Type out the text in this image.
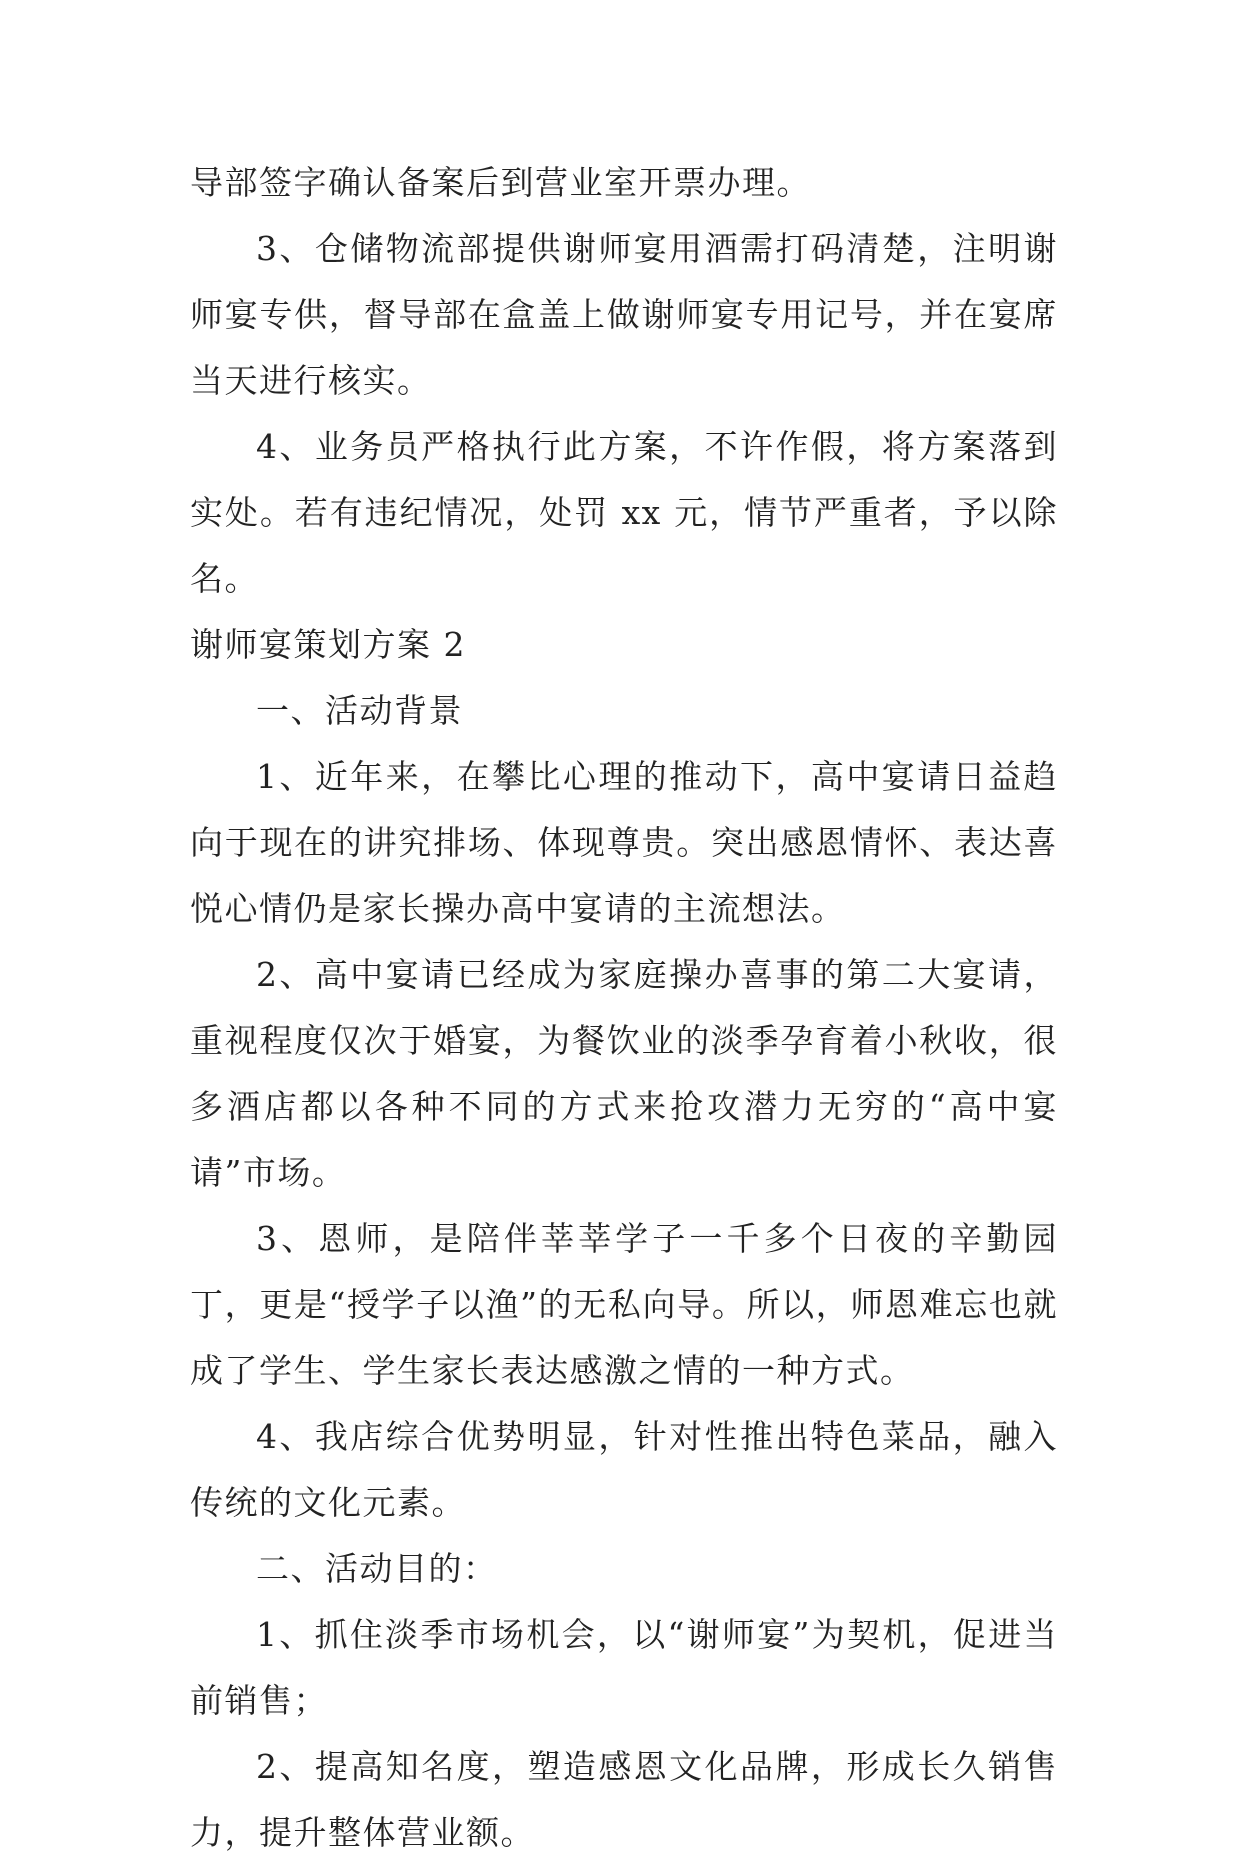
导部签字确认备案后到营业室开票办理。

3、仓储物流部提供谢师宴用酒需打码清楚，注明谢师宴专供，督导部在盒盖上做谢师宴专用记号，并在宴席当天进行核实。

4、业务员严格执行此方案，不许作假，将方案落到实处。若有违纪情况，处罚 xx 元，情节严重者，予以除名。

谢师宴策划方案 2

一、活动背景

1、近年来，在攀比心理的推动下，高中宴请日益趋向于现在的讲究排场、体现尊贵。突出感恩情怀、表达喜悦心情仍是家长操办高中宴请的主流想法。

2、高中宴请已经成为家庭操办喜事的第二大宴请，重视程度仅次于婚宴，为餐饮业的淡季孕育着小秋收，很多酒店都以各种不同的方式来抢攻潜力无穷的“高中宴请”市场。

3、恩师，是陪伴莘莘学子一千多个日夜的辛勤园丁，更是“授学子以渔”的无私向导。所以，师恩难忘也就成了学生、学生家长表达感激之情的一种方式。

4、我店综合优势明显，针对性推出特色菜品，融入传统的文化元素。

二、活动目的：

1、抓住淡季市场机会，以“谢师宴”为契机，促进当前销售；

2、提高知名度，塑造感恩文化品牌，形成长久销售力，提升整体营业额。
